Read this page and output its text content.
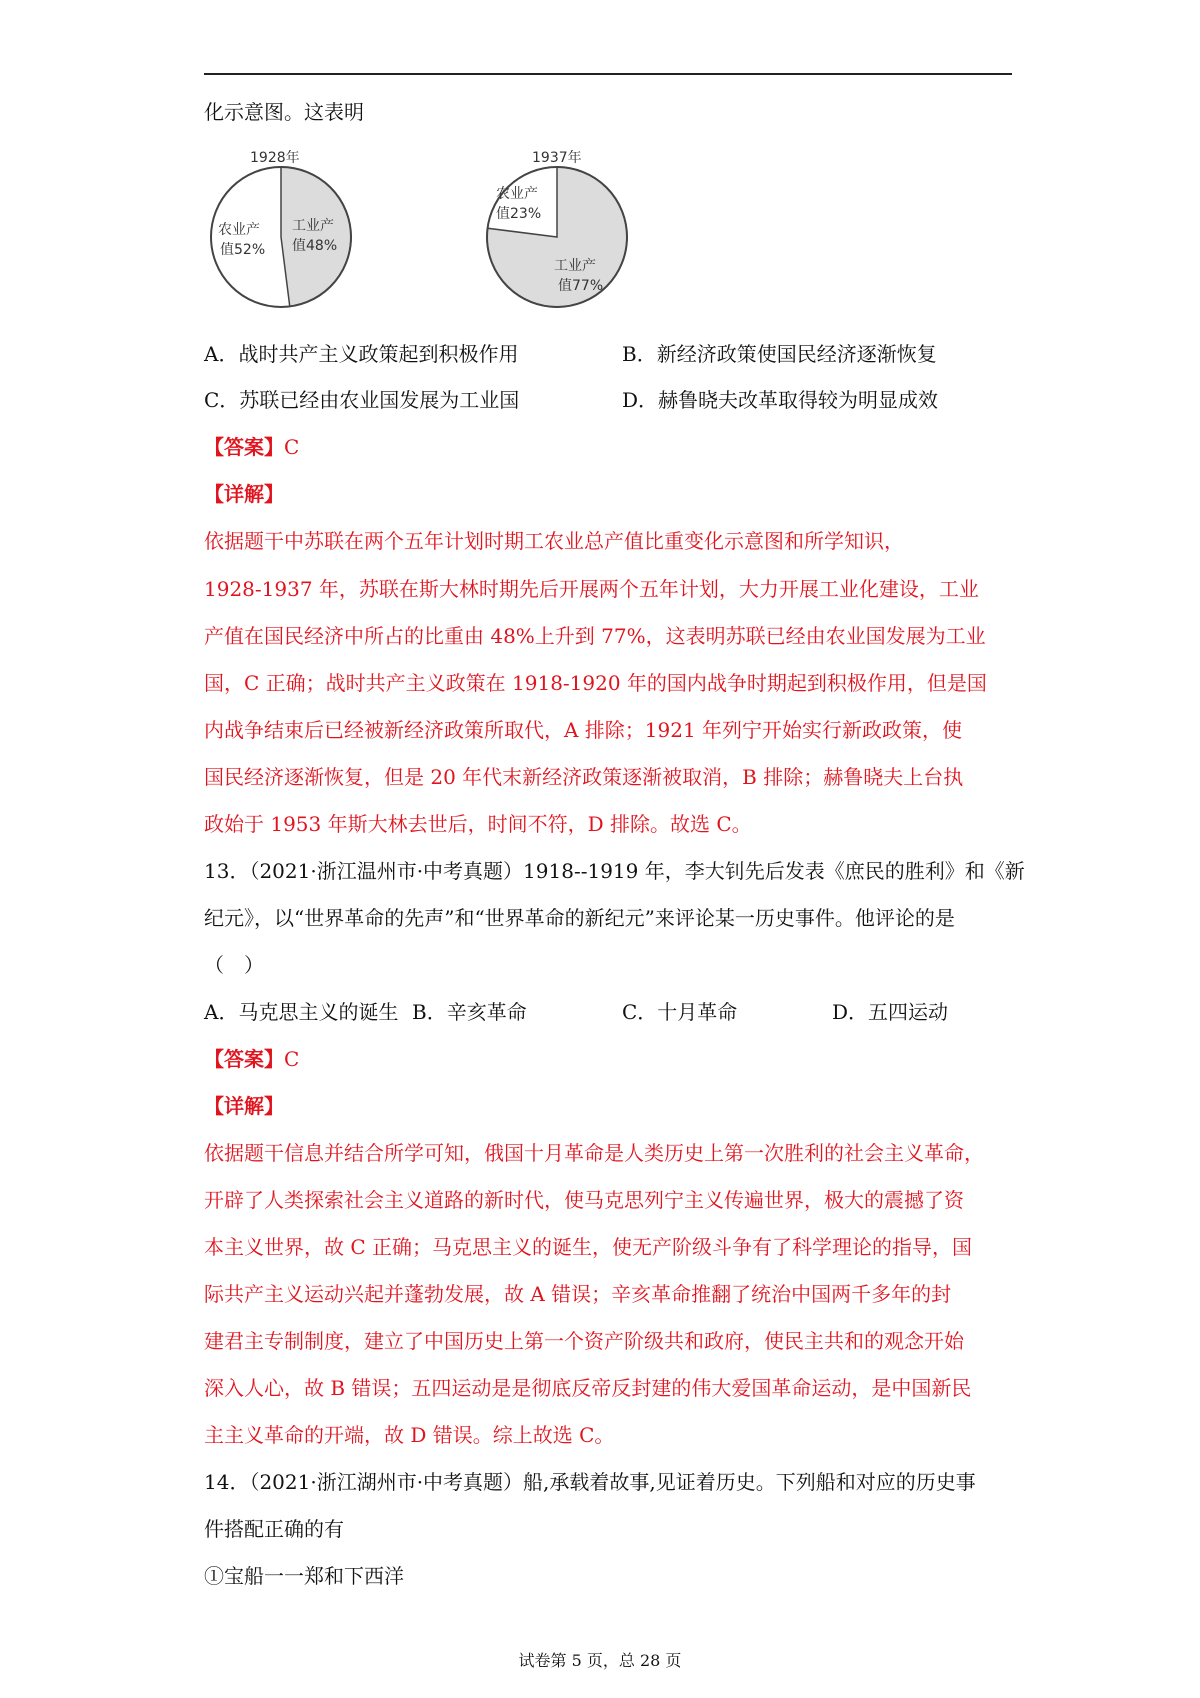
化示意图。这表明
1928年
农业产
值52%
工业产
值48%
1937年
农业产
值23%
工业产
值77%
A．战时共产主义政策起到积极作用	B．新经济政策使国民经济逐渐恢复
C．苏联已经由农业国发展为工业国	D．赫鲁晓夫改革取得较为明显成效
【答案】C
【详解】
依据题干中苏联在两个五年计划时期工农业总产值比重变化示意图和所学知识，
1928-1937 年，苏联在斯大林时期先后开展两个五年计划，大力开展工业化建设，工业
产值在国民经济中所占的比重由 48%上升到 77%，这表明苏联已经由农业国发展为工业
国，C 正确；战时共产主义政策在 1918-1920 年的国内战争时期起到积极作用，但是国
内战争结束后已经被新经济政策所取代，A 排除；1921 年列宁开始实行新政政策，使
国民经济逐渐恢复，但是 20 年代末新经济政策逐渐被取消，B 排除；赫鲁晓夫上台执
政始于 1953 年斯大林去世后，时间不符，D 排除。故选 C。
13．（2021·浙江温州市·中考真题）1918--1919 年，李大钊先后发表《庶民的胜利》和《新
纪元》，以“世界革命的先声”和“世界革命的新纪元”来评论某一历史事件。他评论的是
（　）
A．马克思主义的诞生 B．辛亥革命	C．十月革命	D．五四运动
【答案】C
【详解】
依据题干信息并结合所学可知，俄国十月革命是人类历史上第一次胜利的社会主义革命，
开辟了人类探索社会主义道路的新时代，使马克思列宁主义传遍世界，极大的震撼了资
本主义世界，故 C 正确；马克思主义的诞生，使无产阶级斗争有了科学理论的指导，国
际共产主义运动兴起并蓬勃发展，故 A 错误；辛亥革命推翻了统治中国两千多年的封
建君主专制制度，建立了中国历史上第一个资产阶级共和政府，使民主共和的观念开始
深入人心，故 B 错误；五四运动是是彻底反帝反封建的伟大爱国革命运动，是中国新民
主主义革命的开端，故 D 错误。综上故选 C。
14．（2021·浙江湖州市·中考真题）船,承载着故事,见证着历史。下列船和对应的历史事
件搭配正确的有
①宝船一一郑和下西洋
试卷第 5 页，总 28 页
